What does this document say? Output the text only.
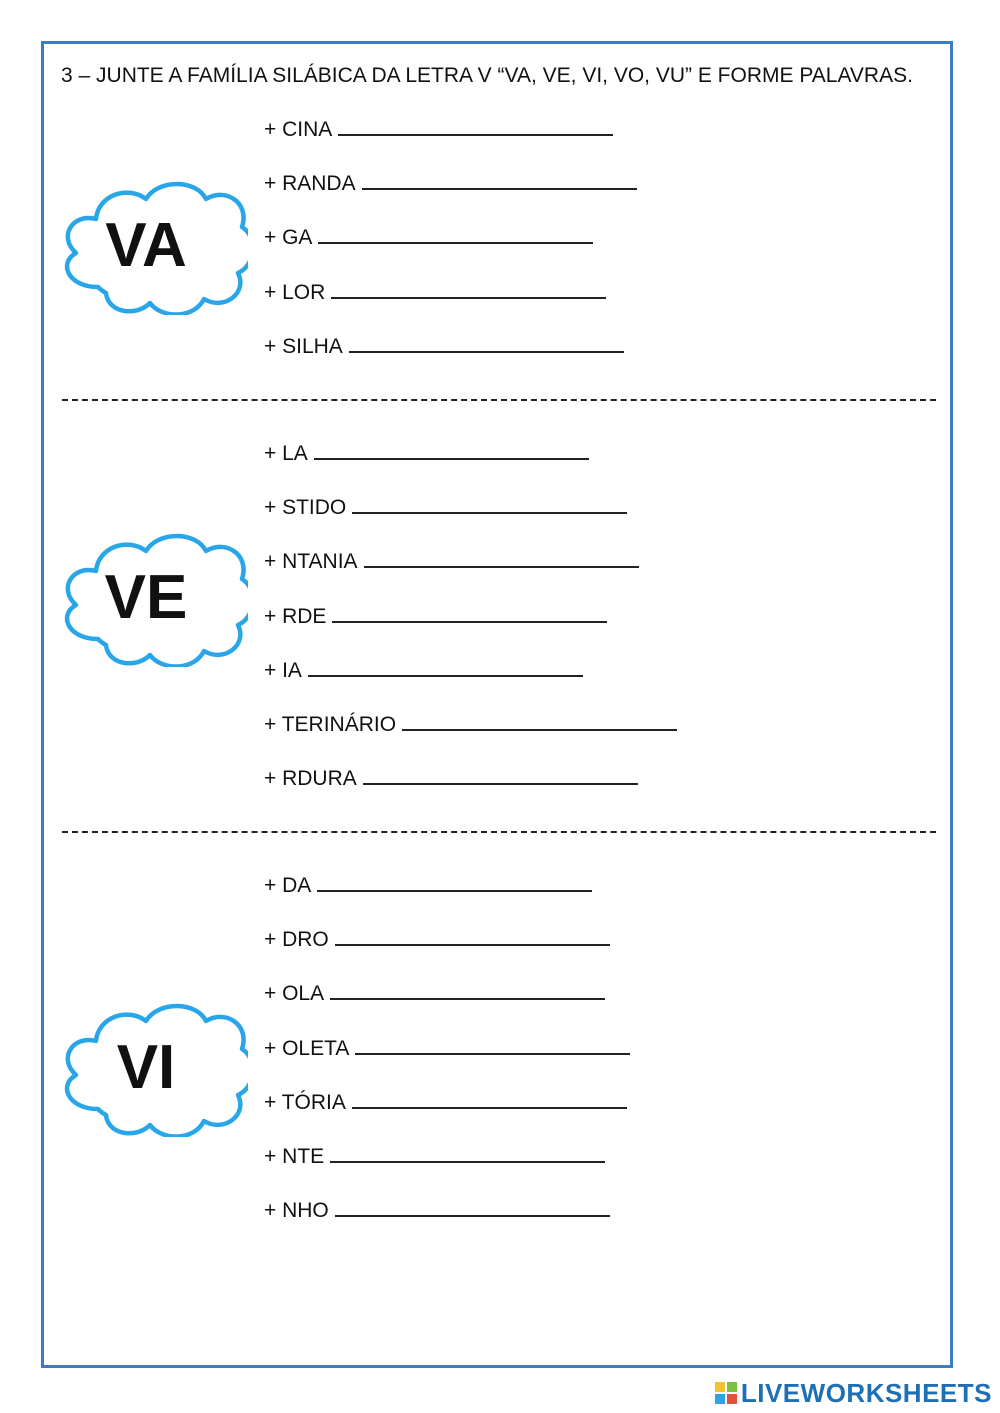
3 – JUNTE A FAMÍLIA SILÁBICA DA LETRA V “VA, VE, VI, VO, VU” E FORME PALAVRAS.

VA
+ CINA
+ RANDA
+ GA
+ LOR
+ SILHA
VE
+ LA
+ STIDO
+ NTANIA
+ RDE
+ IA
+ TERINÁRIO
+ RDURA
VI
+ DA
+ DRO
+ OLA
+ OLETA
+ TÓRIA
+ NTE
+ NHO
LIVEWORKSHEETS
